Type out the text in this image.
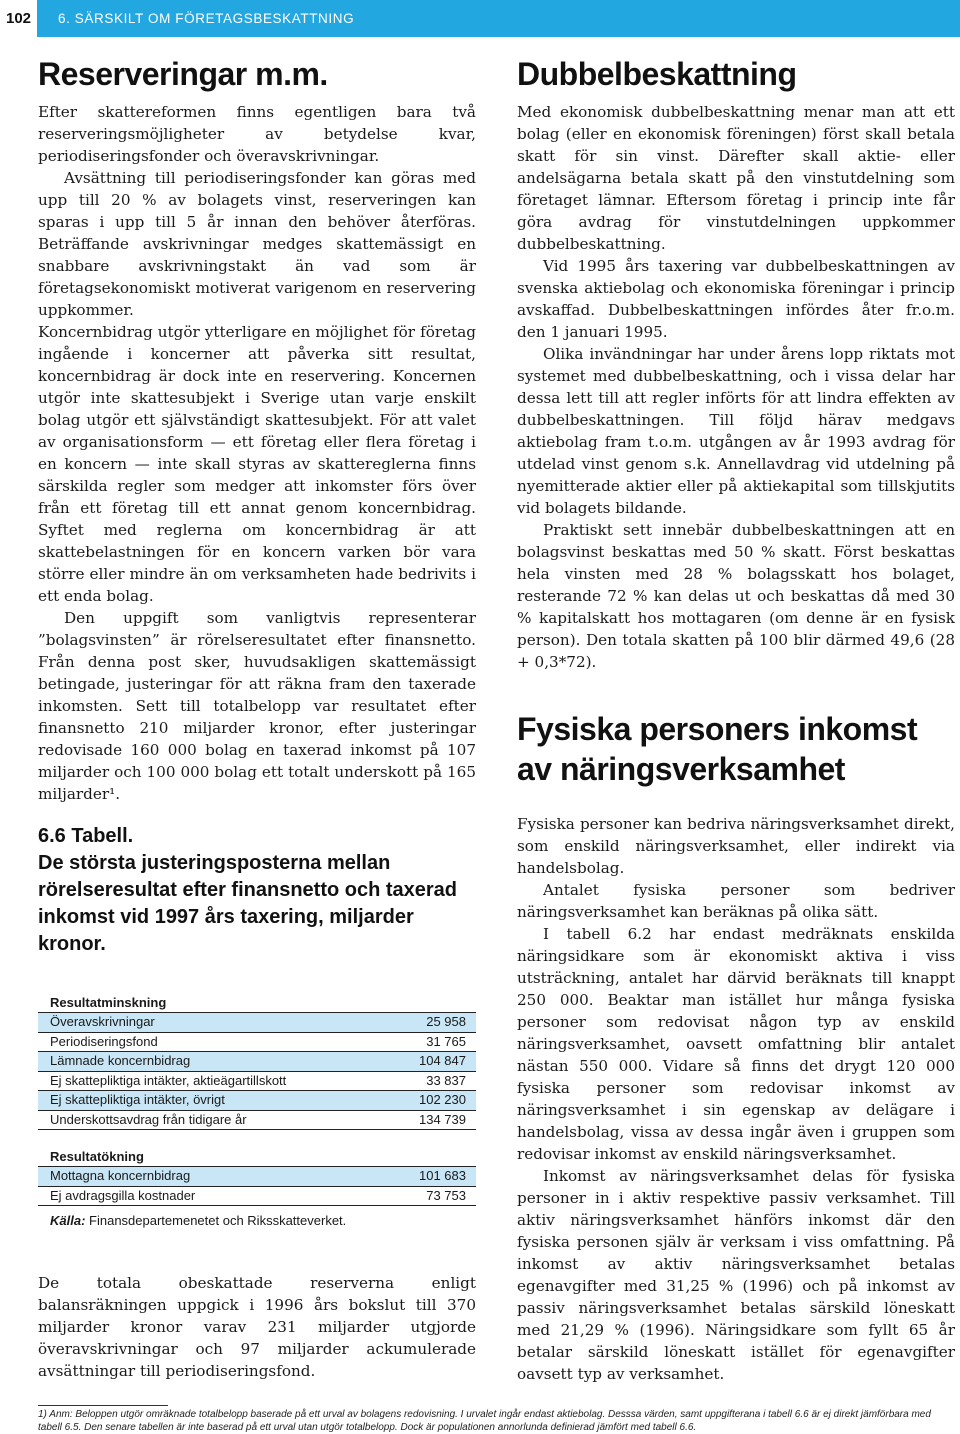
102	6. SÄRSKILT OM FÖRETAGSBESKATTNING
Reserveringar m.m.

Efter skattereformen finns egentligen bara två reserveringsmöjligheter av betydelse kvar, periodiseringsfonder och överavskrivningar.

Avsättning till periodiseringsfonder kan göras med upp till 20 % av bolagets vinst, reserveringen kan sparas i upp till 5 år innan den behöver återföras. Beträffande avskrivningar medges skattemässigt en snabbare avskrivningstakt än vad som är företagsekonomiskt motiverat varigenom en reservering uppkommer.

Koncernbidrag utgör ytterligare en möjlighet för företag ingående i koncerner att påverka sitt resultat, koncernbidrag är dock inte en reservering. Koncernen utgör inte skattesubjekt i Sverige utan varje enskilt bolag utgör ett självständigt skattesubjekt. För att valet av organisationsform — ett företag eller flera företag i en koncern — inte skall styras av skattereglerna finns särskilda regler som medger att inkomster förs över från ett företag till ett annat genom koncernbidrag. Syftet med reglerna om koncernbidrag är att skattebelastningen för en koncern varken bör vara större eller mindre än om verksamheten hade bedrivits i ett enda bolag.

Den uppgift som vanligtvis representerar ”bolagsvinsten” är rörelseresultatet efter finansnetto. Från denna post sker, huvudsakligen skattemässigt betingade, justeringar för att räkna fram den taxerade inkomsten. Sett till totalbelopp var resultatet efter finansnetto 210 miljarder kronor, efter justeringar redovisade 160 000 bolag en taxerad inkomst på 107 miljarder och 100 000 bolag ett totalt underskott på 165 miljarder¹.

6.6 Tabell.
De största justeringsposterna mellan rörelseresultat efter finansnetto och taxerad inkomst vid 1997 års taxering, miljarder kronor.
Resultatminskning
Överavskrivningar	25 958
Periodiseringsfond	31 765
Lämnade koncernbidrag	104 847
Ej skattepliktiga intäkter, aktieägartillskott	33 837
Ej skattepliktiga intäkter, övrigt	102 230
Underskottsavdrag från tidigare år	134 739
Resultatökning
Mottagna koncernbidrag	101 683
Ej avdragsgilla kostnader	73 753
Källa: Finansdepartemenetet och Riksskatteverket.

De totala obeskattade reserverna enligt balansräkningen uppgick i 1996 års bokslut till 370 miljarder kronor varav 231 miljarder utgjorde överavskrivningar och 97 miljarder ackumulerade avsättningar till periodiseringsfond.

Dubbelbeskattning

Med ekonomisk dubbelbeskattning menar man att ett bolag (eller en ekonomisk föreningen) först skall betala skatt för sin vinst. Därefter skall aktie- eller andelsägarna betala skatt på den vinstutdelning som företaget lämnar. Eftersom företag i princip inte får göra avdrag för vinstutdelningen uppkommer dubbelbeskattning.

Vid 1995 års taxering var dubbelbeskattningen av svenska aktiebolag och ekonomiska föreningar i princip avskaffad. Dubbelbeskattningen infördes åter fr.o.m. den 1 januari 1995.

Olika invändningar har under årens lopp riktats mot systemet med dubbelbeskattning, och i vissa delar har dessa lett till att regler införts för att lindra effekten av dubbelbeskattningen. Till följd härav medgavs aktiebolag fram t.o.m. utgången av år 1993 avdrag för utdelad vinst genom s.k. Annellavdrag vid utdelning på nyemitterade aktier eller på aktiekapital som tillskjutits vid bolagets bildande.

Praktiskt sett innebär dubbelbeskattningen att en bolagsvinst beskattas med 50 % skatt. Först beskattas hela vinsten med 28 % bolagsskatt hos bolaget, resterande 72 % kan delas ut och beskattas då med 30 % kapitalskatt hos mottagaren (om denne är en fysisk person). Den totala skatten på 100 blir därmed 49,6 (28 + 0,3*72).

Fysiska personers inkomst av näringsverksamhet

Fysiska personer kan bedriva näringsverksamhet direkt, som enskild näringsverksamhet, eller indirekt via handelsbolag.

Antalet fysiska personer som bedriver näringsverksamhet kan beräknas på olika sätt.

I tabell 6.2 har endast medräknats enskilda näringsidkare som är ekonomiskt aktiva i viss utsträckning, antalet har därvid beräknats till knappt 250 000. Beaktar man istället hur många fysiska personer som redovisat någon typ av enskild näringsverksamhet, oavsett omfattning blir antalet nästan 550 000. Vidare så finns det drygt 120 000 fysiska personer som redovisar inkomst av näringsverksamhet i sin egenskap av delägare i handelsbolag, vissa av dessa ingår även i gruppen som redovisar inkomst av enskild näringsverksamhet.

Inkomst av näringsverksamhet delas för fysiska personer in i aktiv respektive passiv verksamhet. Till aktiv näringsverksamhet hänförs inkomst där den fysiska personen själv är verksam i viss omfattning. På inkomst av aktiv näringsverksamhet betalas egenavgifter med 31,25 % (1996) och på inkomst av passiv näringsverksamhet betalas särskild löneskatt med 21,29 % (1996). Näringsidkare som fyllt 65 år betalar särskild löneskatt istället för egenavgifter oavsett typ av verksamhet.

1) Anm: Beloppen utgör omräknade totalbelopp baserade på ett urval av bolagens redovisning. I urvalet ingår endast aktiebolag. Desssa värden, samt uppgifterana i tabell 6.6 är ej direkt jämförbara med tabell 6.5. Den senare tabellen är inte baserad på ett urval utan utgör totalbelopp. Dock är populationen annorlunda definierad jämfört med tabell 6.6.
